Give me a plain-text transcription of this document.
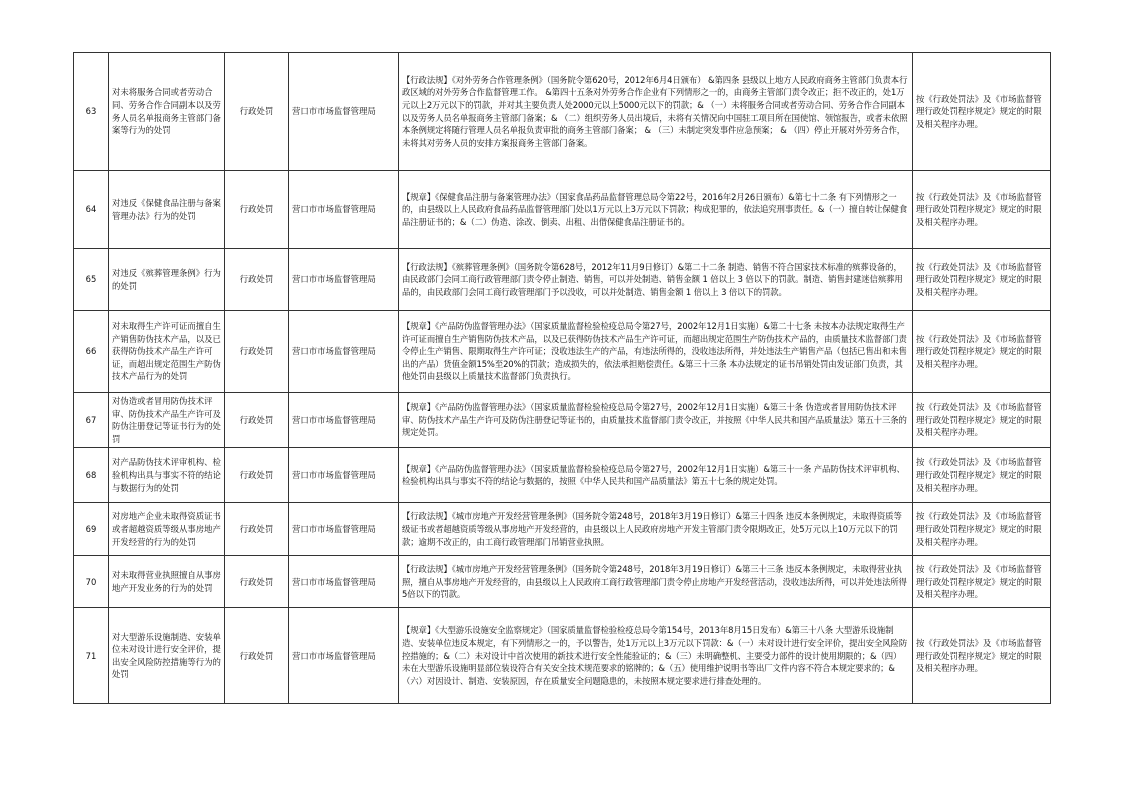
63	对未将服务合同或者劳动合同、劳务合作合同副本以及劳务人员名单报商务主管部门备案等行为的处罚	行政处罚	营口市市场监督管理局	【行政法规】《对外劳务合作管理条例》（国务院令第620号，2012年6月4日颁布） &第四条 县级以上地方人民政府商务主管部门负责本行政区域的对外劳务合作监督管理工作。 &第四十五条对外劳务合作企业有下列情形之一的，由商务主管部门责令改正；拒不改正的，处1万元以上2万元以下的罚款，并对其主要负责人处2000元以上5000元以下的罚款；& （一）未将服务合同或者劳动合同、劳务合作合同副本以及劳务人员名单报商务主管部门备案；& （二）组织劳务人员出境后，未将有关情况向中国驻工项目所在国使馆、领馆报告，或者未依照本条例规定将随行管理人员名单报负责审批的商务主管部门备案； & （三）未制定突发事件应急预案； & （四）停止开展对外劳务合作，未将其对劳务人员的安排方案报商务主管部门备案。	按《行政处罚法》及《市场监督管理行政处罚程序规定》规定的时限及相关程序办理。
64	对违反《保健食品注册与备案管理办法》行为的处罚	行政处罚	营口市市场监督管理局	【规章】《保健食品注册与备案管理办法》（国家食品药品监督管理总局令第22号，2016年2月26日颁布）&第七十二条 有下列情形之一的，由县级以上人民政府食品药品监督管理部门处以1万元以上3万元以下罚款；构成犯罪的，依法追究刑事责任。&（一）擅自转让保健食品注册证书的；&（二）伪造、涂改、倒卖、出租、出借保健食品注册证书的。	按《行政处罚法》及《市场监督管理行政处罚程序规定》规定的时限及相关程序办理。
65	对违反《殡葬管理条例》行为的处罚	行政处罚	营口市市场监督管理局	【行政法规】《殡葬管理条例》（国务院令第628号，2012年11月9日修订）&第二十二条 制造、销售不符合国家技术标准的殡葬设备的，由民政部门会同工商行政管理部门责令停止制造、销售，可以并处制造、销售金额 1 倍以上 3 倍以下的罚款。制造、销售封建迷信殡葬用品的，由民政部门会同工商行政管理部门予以没收，可以并处制造、销售金额 1 倍以上 3 倍以下的罚款。	按《行政处罚法》及《市场监督管理行政处罚程序规定》规定的时限及相关程序办理。
66	对未取得生产许可证而擅自生产销售防伪技术产品，以及已获得防伪技术产品生产许可证，而超出规定范围生产防伪技术产品行为的处罚	行政处罚	营口市市场监督管理局	【规章】《产品防伪监督管理办法》（国家质量监督检验检疫总局令第27号，2002年12月1日实施）&第二十七条 未按本办法规定取得生产许可证而擅自生产销售防伪技术产品，以及已获得防伪技术产品生产许可证，而超出规定范围生产防伪技术产品的，由质量技术监督部门责令停止生产销售、限期取得生产许可证；没收违法生产的产品，有违法所得的，没收违法所得，并处违法生产销售产品（包括已售出和未售出的产品）货值金额15%至20%的罚款；造成损失的，依法承担赔偿责任。&第三十三条 本办法规定的证书吊销处罚由发证部门负责，其他处罚由县级以上质量技术监督部门负责执行。	按《行政处罚法》及《市场监督管理行政处罚程序规定》规定的时限及相关程序办理。
67	对伪造或者冒用防伪技术评审、防伪技术产品生产许可及防伪注册登记等证书行为的处罚	行政处罚	营口市市场监督管理局	【规章】《产品防伪监督管理办法》（国家质量监督检验检疫总局令第27号，2002年12月1日实施）&第三十条 伪造或者冒用防伪技术评审、防伪技术产品生产许可及防伪注册登记等证书的，由质量技术监督部门责令改正，并按照《中华人民共和国产品质量法》第五十三条的规定处罚。	按《行政处罚法》及《市场监督管理行政处罚程序规定》规定的时限及相关程序办理。
68	对产品防伪技术评审机构、检验机构出具与事实不符的结论与数据行为的处罚	行政处罚	营口市市场监督管理局	【规章】《产品防伪监督管理办法》（国家质量监督检验检疫总局令第27号，2002年12月1日实施）&第三十一条 产品防伪技术评审机构、检验机构出具与事实不符的结论与数据的，按照《中华人民共和国产品质量法》第五十七条的规定处罚。	按《行政处罚法》及《市场监督管理行政处罚程序规定》规定的时限及相关程序办理。
69	对房地产企业未取得资质证书或者超越资质等级从事房地产开发经营的行为的处罚	行政处罚	营口市市场监督管理局	【行政法规】《城市房地产开发经营管理条例》（国务院令第248号，2018年3月19日修订）&第三十四条 违反本条例规定，未取得资质等级证书或者超越资质等级从事房地产开发经营的，由县级以上人民政府房地产开发主管部门责令限期改正，处5万元以上10万元以下的罚款；逾期不改正的，由工商行政管理部门吊销营业执照。	按《行政处罚法》及《市场监督管理行政处罚程序规定》规定的时限及相关程序办理。
70	对未取得营业执照擅自从事房地产开发业务的行为的处罚	行政处罚	营口市市场监督管理局	【行政法规】《城市房地产开发经营管理条例》（国务院令第248号，2018年3月19日修订）&第三十三条 违反本条例规定，未取得营业执照，擅自从事房地产开发经营的，由县级以上人民政府工商行政管理部门责令停止房地产开发经营活动，没收违法所得，可以并处违法所得5倍以下的罚款。	按《行政处罚法》及《市场监督管理行政处罚程序规定》规定的时限及相关程序办理。
71	对大型游乐设施制造、安装单位未对设计进行安全评价，提出安全风险防控措施等行为的处罚	行政处罚	营口市市场监督管理局	【规章】《大型游乐设施安全监察规定》（国家质量监督检验检疫总局令第154号，2013年8月15日发布）&第三十八条 大型游乐设施制造、安装单位违反本规定，有下列情形之一的，予以警告，处1万元以上3万元以下罚款：&（一）未对设计进行安全评价，提出安全风险防控措施的；&（二）未对设计中首次使用的新技术进行安全性能验证的；&（三）未明确整机、主要受力部件的设计使用期限的；&（四）未在大型游乐设施明显部位装设符合有关安全技术规范要求的铭牌的；&（五）使用维护说明书等出厂文件内容不符合本规定要求的；&（六）对因设计、制造、安装原因，存在质量安全问题隐患的，未按照本规定要求进行排查处理的。	按《行政处罚法》及《市场监督管理行政处罚程序规定》规定的时限及相关程序办理。
